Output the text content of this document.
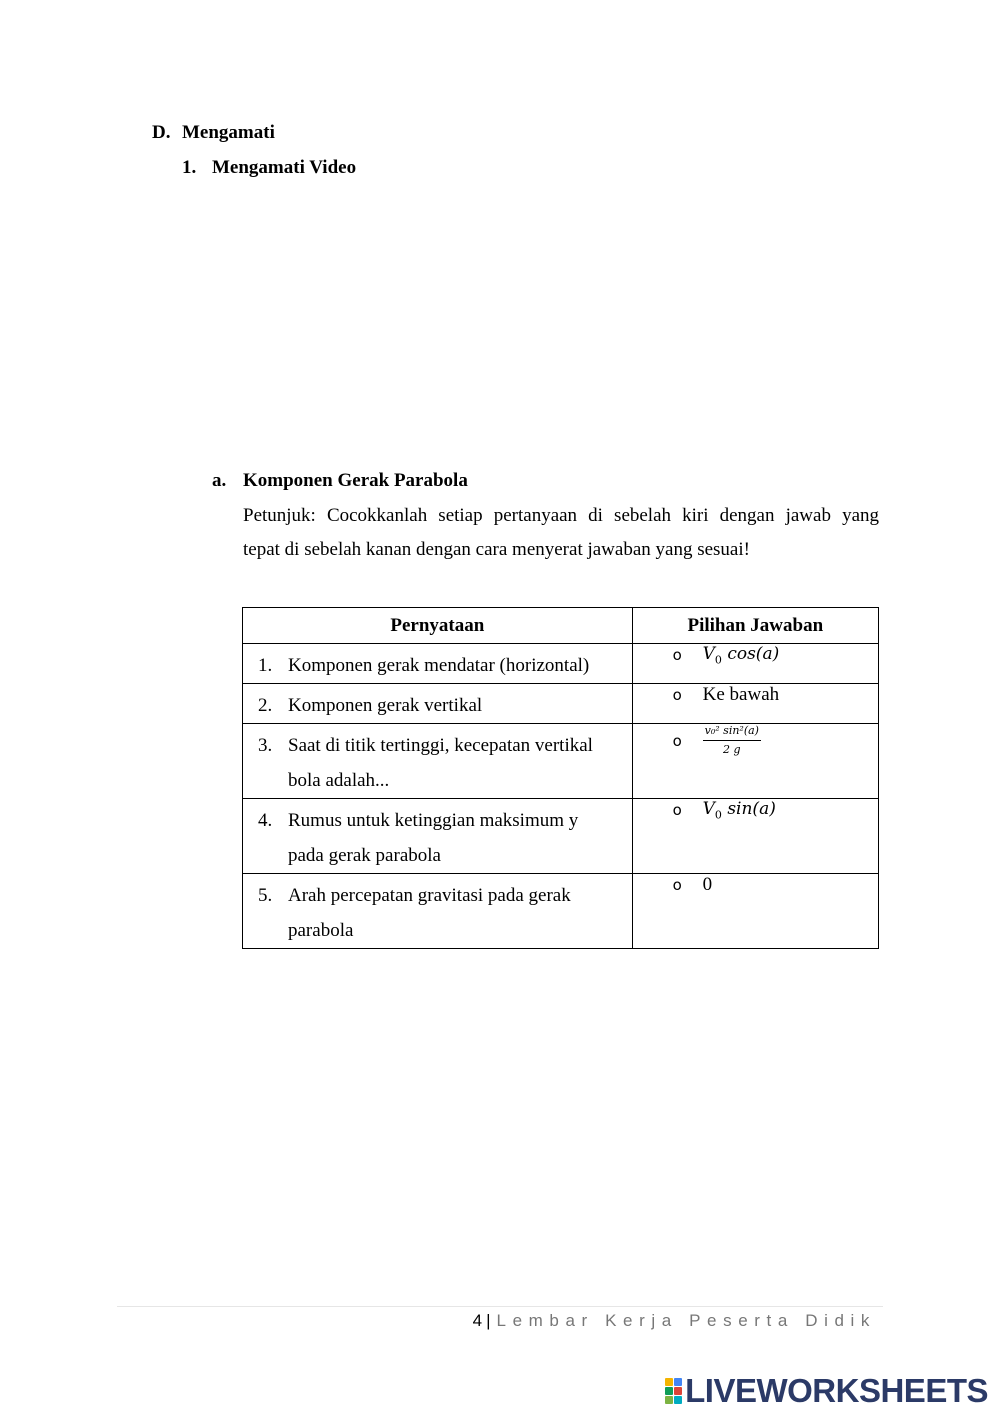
D. Mengamati
1. Mengamati Video
a. Komponen Gerak Parabola
Petunjuk: Cocokkanlah setiap pertanyaan di sebelah kiri dengan jawab yang
tepat di sebelah kanan dengan cara menyerat jawaban yang sesuai!
Pernyataan	Pilihan Jawaban

1. Komponen gerak mendatar (horizontal)	o $V_0$ cos(a)

2. Komponen gerak vertikal	o Ke bawah

3. Saat di titik tertinggi, kecepatan vertikal
bola adalah...	o $\frac{\text{v₀² sin²(a)}}{2 g}$

4. Rumus untuk ketinggian maksimum y
pada gerak parabola	o $V_0$ sin(a)

5. Arah percepatan gravitasi pada gerak
parabola	o 0
4 | Lembar Kerja Peserta Didik
LIVEWORKSHEETS
